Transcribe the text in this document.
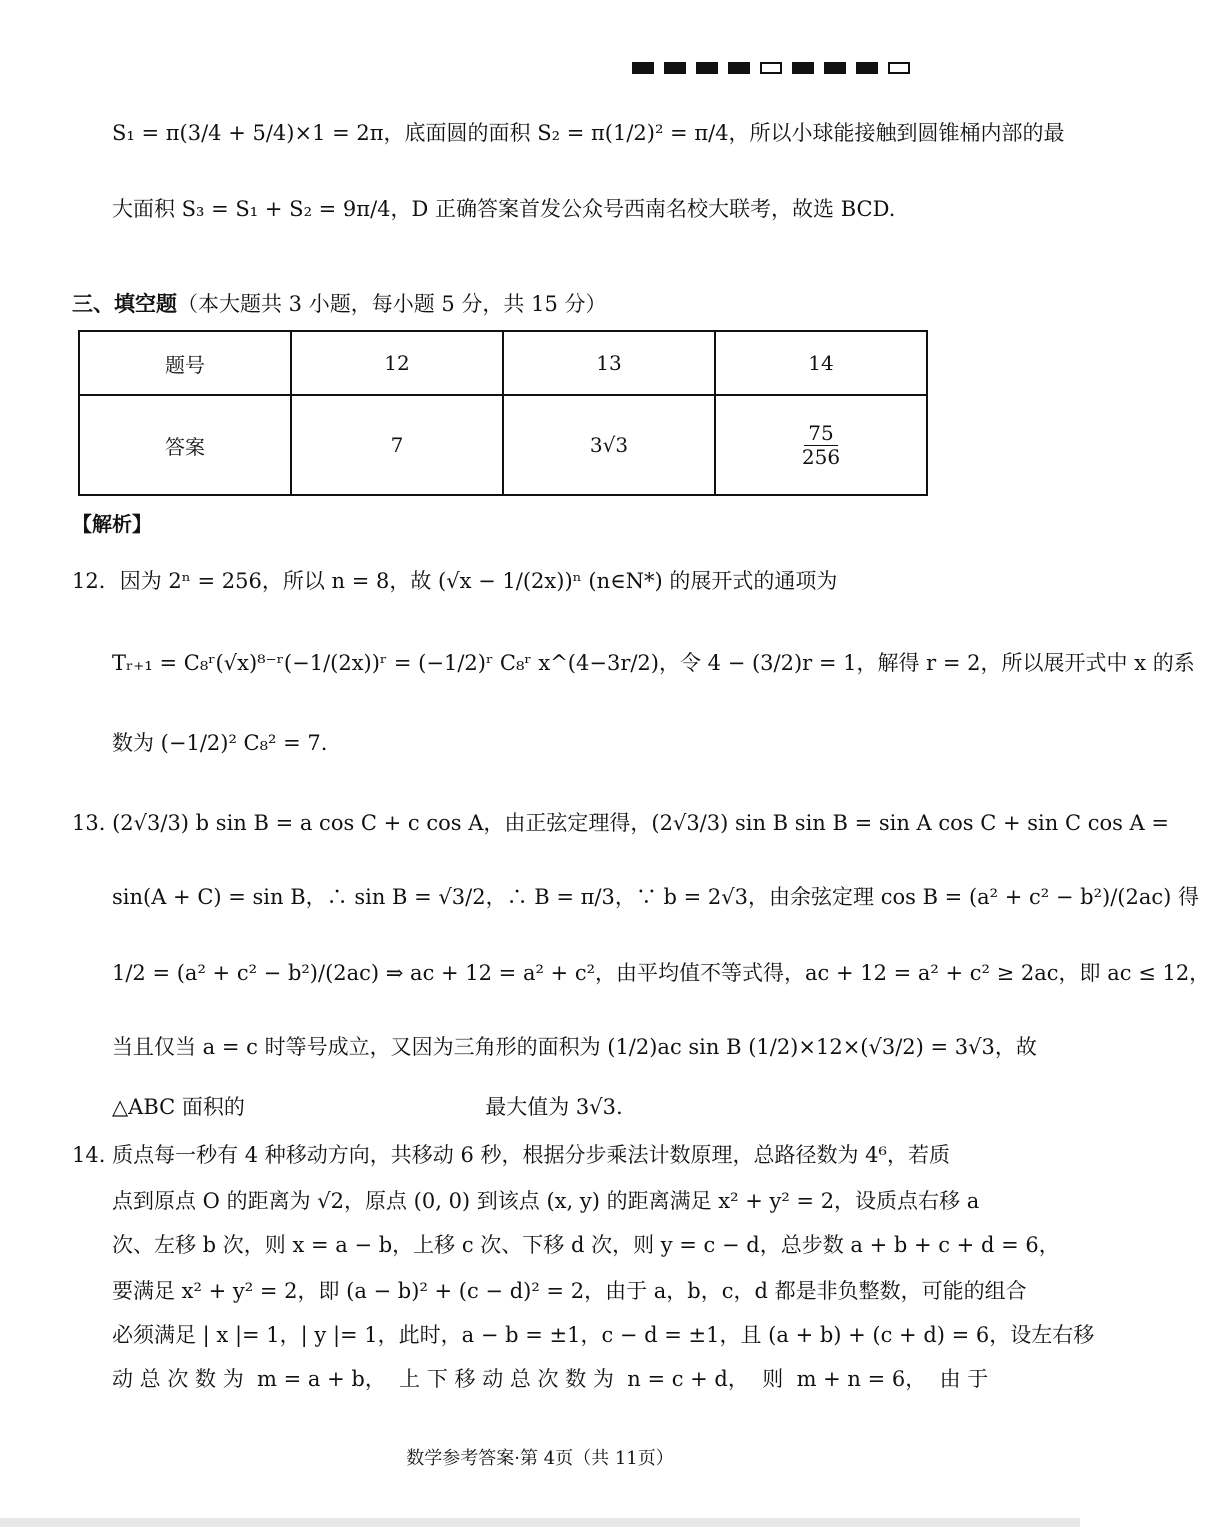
S₁ = π(3/4 + 5/4)×1 = 2π，底面圆的面积 S₂ = π(1/2)² = π/4，所以小球能接触到圆锥桶内部的最
大面积 S₃ = S₁ + S₂ = 9π/4，D 正确答案首发公众号西南名校大联考，故选 BCD.
三、填空题（本大题共 3 小题，每小题 5 分，共 15 分）
题号	12	13	14
答案	7	3√3	$\frac{75}{256}$
【解析】
12．因为 2ⁿ = 256，所以 n = 8，故 (√x − 1/(2x))ⁿ (n∈N*) 的展开式的通项为
Tᵣ₊₁ = C₈ʳ(√x)⁸⁻ʳ(−1/(2x))ʳ = (−1/2)ʳ C₈ʳ x^(4−3r/2)，令 4 − (3/2)r = 1，解得 r = 2，所以展开式中 x 的系
数为 (−1/2)² C₈² = 7.
13. (2√3/3) b sin B = a cos C + c cos A，由正弦定理得，(2√3/3) sin B sin B = sin A cos C + sin C cos A =
sin(A + C) = sin B，∴ sin B = √3/2，∴ B = π/3，∵ b = 2√3，由余弦定理 cos B = (a² + c² − b²)/(2ac) 得
1/2 = (a² + c² − b²)/(2ac) ⇒ ac + 12 = a² + c²，由平均值不等式得，ac + 12 = a² + c² ≥ 2ac，即 ac ≤ 12，
当且仅当 a = c 时等号成立，又因为三角形的面积为 (1/2)ac sin B (1/2)×12×(√3/2) = 3√3，故
△ABC 面积的                                    最大值为 3√3.
14. 质点每一秒有 4 种移动方向，共移动 6 秒，根据分步乘法计数原理，总路径数为 4⁶，若质
点到原点 O 的距离为 √2，原点 (0, 0) 到该点 (x, y) 的距离满足 x² + y² = 2，设质点右移 a
次、左移 b 次，则 x = a − b，上移 c 次、下移 d 次，则 y = c − d，总步数 a + b + c + d = 6，
要满足 x² + y² = 2，即 (a − b)² + (c − d)² = 2，由于 a，b，c，d 都是非负整数，可能的组合
必须满足 | x |= 1，| y |= 1，此时，a − b = ±1，c − d = ±1，且 (a + b) + (c + d) = 6，设左右移
动 总 次 数 为  m = a + b，  上 下 移 动 总 次 数 为  n = c + d，  则  m + n = 6，  由 于
数学参考答案·第 4页（共 11页）
